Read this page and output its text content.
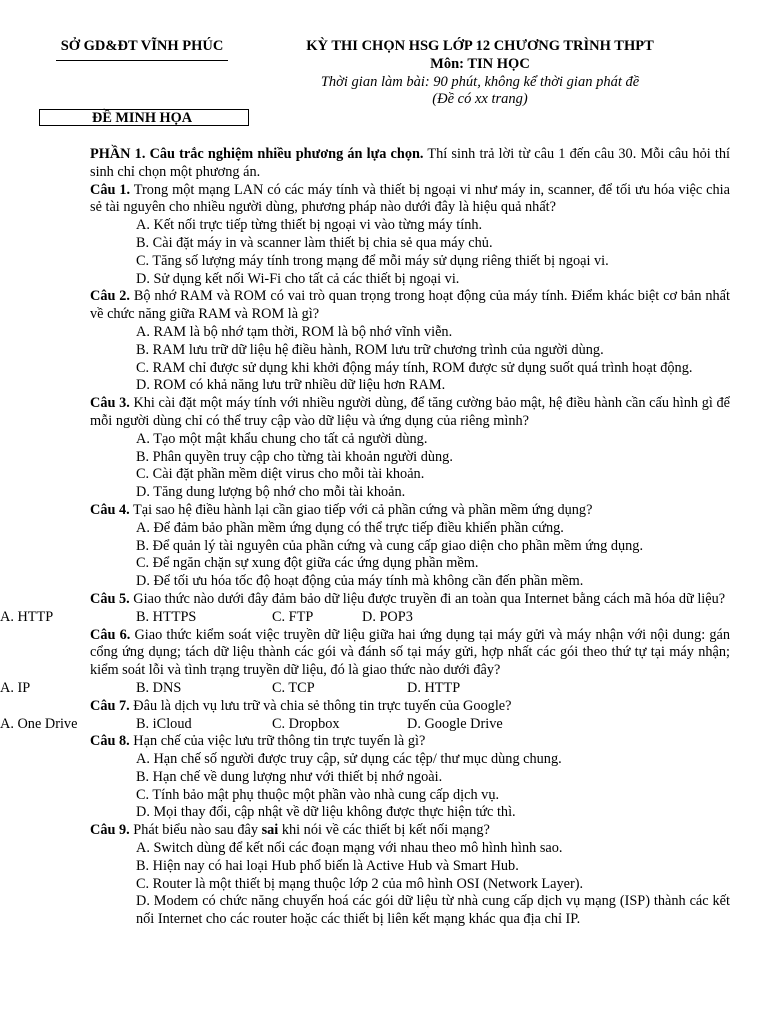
SỞ GD&ĐT VĨNH PHÚC	KỲ THI CHỌN HSG LỚP 12 CHƯƠNG TRÌNH THPT
Môn: TIN HỌC
Thời gian làm bài: 90 phút, không kể thời gian phát đề
(Đề có xx trang)
ĐỀ MINH HỌA

PHẦN 1. Câu trắc nghiệm nhiều phương án lựa chọn. Thí sinh trả lời từ câu 1 đến câu 30. Mỗi câu hỏi thí sinh chỉ chọn một phương án.

Câu 1. Trong một mạng LAN có các máy tính và thiết bị ngoại vi như máy in, scanner, để tối ưu hóa việc chia sẻ tài nguyên cho nhiều người dùng, phương pháp nào dưới đây là hiệu quả nhất?

A. Kết nối trực tiếp từng thiết bị ngoại vi vào từng máy tính.
B. Cài đặt máy in và scanner làm thiết bị chia sẻ qua máy chủ.
C. Tăng số lượng máy tính trong mạng để mỗi máy sử dụng riêng thiết bị ngoại vi.
D. Sử dụng kết nối Wi-Fi cho tất cả các thiết bị ngoại vi.

Câu 2. Bộ nhớ RAM và ROM có vai trò quan trọng trong hoạt động của máy tính. Điểm khác biệt cơ bản nhất về chức năng giữa RAM và ROM là gì?

A. RAM là bộ nhớ tạm thời, ROM là bộ nhớ vĩnh viễn.
B. RAM lưu trữ dữ liệu hệ điều hành, ROM lưu trữ chương trình của người dùng.
C. RAM chỉ được sử dụng khi khởi động máy tính, ROM được sử dụng suốt quá trình hoạt động.
D. ROM có khả năng lưu trữ nhiều dữ liệu hơn RAM.

Câu 3. Khi cài đặt một máy tính với nhiều người dùng, để tăng cường bảo mật, hệ điều hành cần cấu hình gì để mỗi người dùng chỉ có thể truy cập vào dữ liệu và ứng dụng của riêng mình?

A. Tạo một mật khẩu chung cho tất cả người dùng.
B. Phân quyền truy cập cho từng tài khoản người dùng.
C. Cài đặt phần mềm diệt virus cho mỗi tài khoản.
D. Tăng dung lượng bộ nhớ cho mỗi tài khoản.

Câu 4. Tại sao hệ điều hành lại cần giao tiếp với cả phần cứng và phần mềm ứng dụng?

A. Để đảm bảo phần mềm ứng dụng có thể trực tiếp điều khiển phần cứng.
B. Để quản lý tài nguyên của phần cứng và cung cấp giao diện cho phần mềm ứng dụng.
C. Để ngăn chặn sự xung đột giữa các ứng dụng phần mềm.
D. Để tối ưu hóa tốc độ hoạt động của máy tính mà không cần đến phần mềm.

Câu 5. Giao thức nào dưới đây đảm bảo dữ liệu được truyền đi an toàn qua Internet bằng cách mã hóa dữ liệu?

A. HTTP	B. HTTPS	C. FTP	D. POP3

Câu 6. Giao thức kiểm soát việc truyền dữ liệu giữa hai ứng dụng tại máy gửi và máy nhận với nội dung: gán cổng ứng dụng; tách dữ liệu thành các gói và đánh số tại máy gửi, hợp nhất các gói theo thứ tự tại máy nhận; kiểm soát lỗi và tình trạng truyền dữ liệu, đó là giao thức nào dưới đây?

A. IP	B. DNS	C. TCP	D. HTTP

Câu 7. Đâu là dịch vụ lưu trữ và chia sẻ thông tin trực tuyến của Google?

A. One Drive	B. iCloud	C. Dropbox	D. Google Drive

Câu 8. Hạn chế của việc lưu trữ thông tin trực tuyến là gì?

A. Hạn chế số người được truy cập, sử dụng các tệp/ thư mục dùng chung.
B. Hạn chế về dung lượng như với thiết bị nhớ ngoài.
C. Tính bảo mật phụ thuộc một phần vào nhà cung cấp dịch vụ.
D. Mọi thay đổi, cập nhật về dữ liệu không được thực hiện tức thì.

Câu 9. Phát biểu nào sau đây sai khi nói về các thiết bị kết nối mạng?

A. Switch dùng để kết nối các đoạn mạng với nhau theo mô hình hình sao.
B. Hiện nay có hai loại Hub phổ biến là Active Hub và Smart Hub.
C. Router là một thiết bị mạng thuộc lớp 2 của mô hình OSI (Network Layer).
D. Modem có chức năng chuyển hoá các gói dữ liệu từ nhà cung cấp dịch vụ mạng (ISP) thành các kết nối Internet cho các router hoặc các thiết bị liên kết mạng khác qua địa chỉ IP.
